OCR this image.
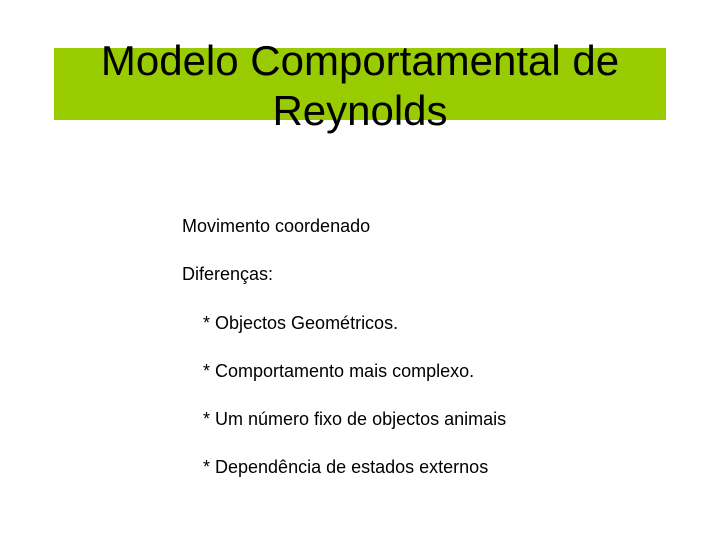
Modelo Comportamental de
Reynolds
Movimento coordenado
Diferenças:
* Objectos Geométricos.
* Comportamento mais complexo.
* Um número fixo de objectos animais
* Dependência de estados externos
